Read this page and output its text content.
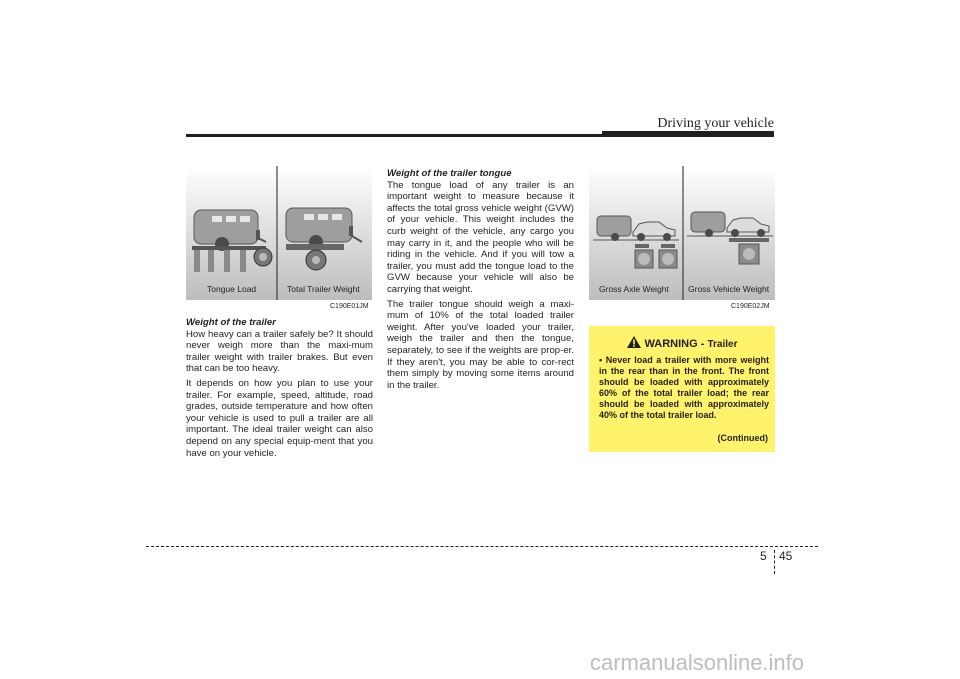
Driving your vehicle
Tongue Load	Total Trailer Weight
C190E01JM
Gross Axle Weight Gross Vehicle Weight
C190E02JM
Weight of the trailer

How heavy can a trailer safely be? It should never weigh more than the maxi-mum trailer weight with trailer brakes. But even that can be too heavy.

It depends on how you plan to use your trailer. For example, speed, altitude, road grades, outside temperature and how often your vehicle is used to pull a trailer are all important. The ideal trailer weight can also depend on any special equip-ment that you have on your vehicle.

Weight of the trailer tongue

The tongue load of any trailer is an important weight to measure because it affects the total gross vehicle weight (GVW) of your vehicle. This weight includes the curb weight of the vehicle, any cargo you may carry in it, and the people who will be riding in the vehicle. And if you will tow a trailer, you must add the tongue load to the GVW because your vehicle will also be carrying that weight.

The trailer tongue should weigh a maxi-mum of 10% of the total loaded trailer weight. After you've loaded your trailer, weigh the trailer and then the tongue, separately, to see if the weights are prop-er. If they aren't, you may be able to cor-rect them simply by moving some items around in the trailer.

WARNING - Trailer
• Never load a trailer with more weight in the rear than in the front. The front should be loaded with approximately 60% of the total trailer load; the rear should be loaded with approximately 40% of the total trailer load.
(Continued)
5 45
carmanualsonline.info
